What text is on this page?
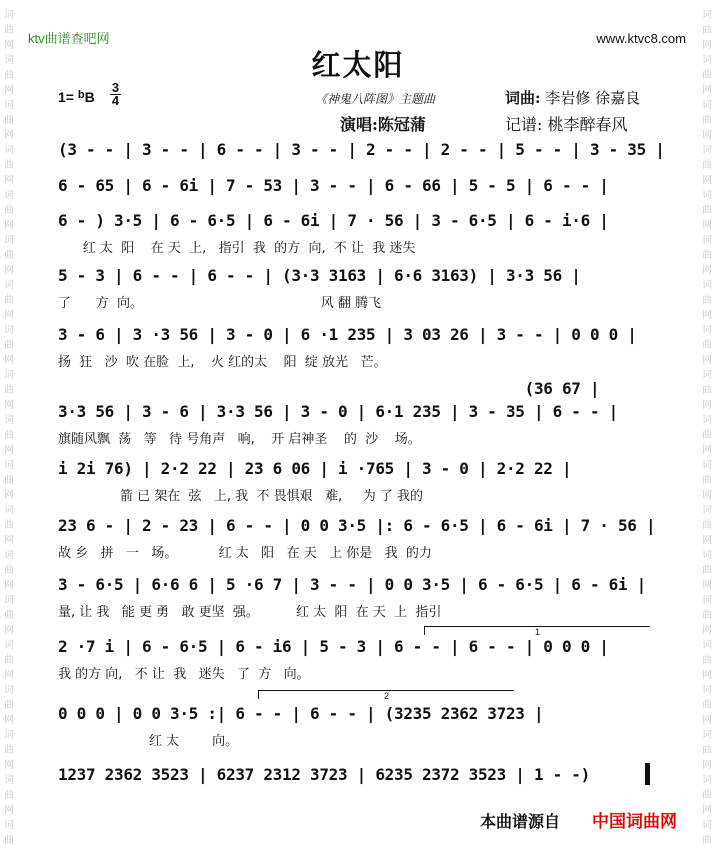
词
曲
网
词
曲
网
词
曲
网
词
曲
网
词
曲
网
词
曲
网
词
曲
网
词
曲
网
词
曲
网
词
曲
网
词
曲
网
词
曲
网
词
曲
网
词
曲
网
词
曲
网
词
曲
网
词
曲
网
词
曲
网
词
曲
词
曲
网
词
曲
网
词
曲
网
词
曲
网
词
曲
网
词
曲
网
词
曲
网
词
曲
网
词
曲
网
词
曲
网
词
曲
网
词
曲
网
词
曲
网
词
曲
网
词
曲
网
词
曲
网
词
曲
网
词
曲
网
词
曲
ktv曲谱查吧网	www.ktvc8.com
红太阳
1= $^b$B
3
4	《神鬼八阵图》主题曲	词曲: 李岩修 徐嘉良
演唱:陈冠蒲	记谱: 桃李醉春风
(3 - - | 3 - - | 6 - - | 3 - - | 2 - - | 2 - - | 5 - - | 3 - 35 |
6 - 65 | 6 - 6i | 7 - 53 | 3 - - | 6 - 66 | 5 - 5 | 6 - - |
6 - ) 3·5 | 6 - 6·5 | 6 - 6i | 7 · 56 | 3 - 6·5 | 6 - i·6 |
红 太  阳    在 天  上,   指引  我  的方  向,  不 让  我 迷失
5 - 3 | 6 - - | 6 - - | (3·3 3163 | 6·6 3163) | 3·3 56 |
了      方  向。                                           风 翻 腾飞
3 - 6 | 3 ·3 56 | 3 - 0 | 6 ·1 235 | 3 03 26 | 3 - - | 0 0 0 |
扬  狂   沙  吹 在脸  上,    火 红的太    阳  绽 放光   芒。
(36 67 |
3·3 56 | 3 - 6 | 3·3 56 | 3 - 0 | 6·1 235 | 3 - 35 | 6 - - |
旗随风飘  荡   等   待 号角声   响,    开 启神圣    的  沙    场。
i 2i 76) | 2·2 22 | 23 6 06 | i ·765 | 3 - 0 | 2·2 22 |
箭 已 架在  弦   上, 我  不 畏惧艰   难,     为 了 我的
23 6 - | 2 - 23 | 6 - - | 0 0 3·5 |: 6 - 6·5 | 6 - 6i | 7 · 56 |
故 乡   拼   一   场。          红 太   阳   在 天   上 你是   我  的力
3 - 6·5 | 6·6 6 | 5 ·6 7 | 3 - - | 0 0 3·5 | 6 - 6·5 | 6 - 6i |
量, 让 我   能 更 勇   敢 更坚  强。         红 太  阳  在 天  上  指引
2 ·7 i | 6 - 6·5 | 6 - i6 | 5 - 3 | 6 - - | 6 - - | 0 0 0 |
我 的方 向,   不 让  我   迷失   了  方   向。
0 0 0 | 0 0 3·5 :| 6 - - | 6 - - | (3235 2362 3723 |
红 太        向。
1237 2362 3523 | 6237 2312 3723 | 6235 2372 3523 | 1 - -)
1
2
本曲谱源自 中国词曲网
